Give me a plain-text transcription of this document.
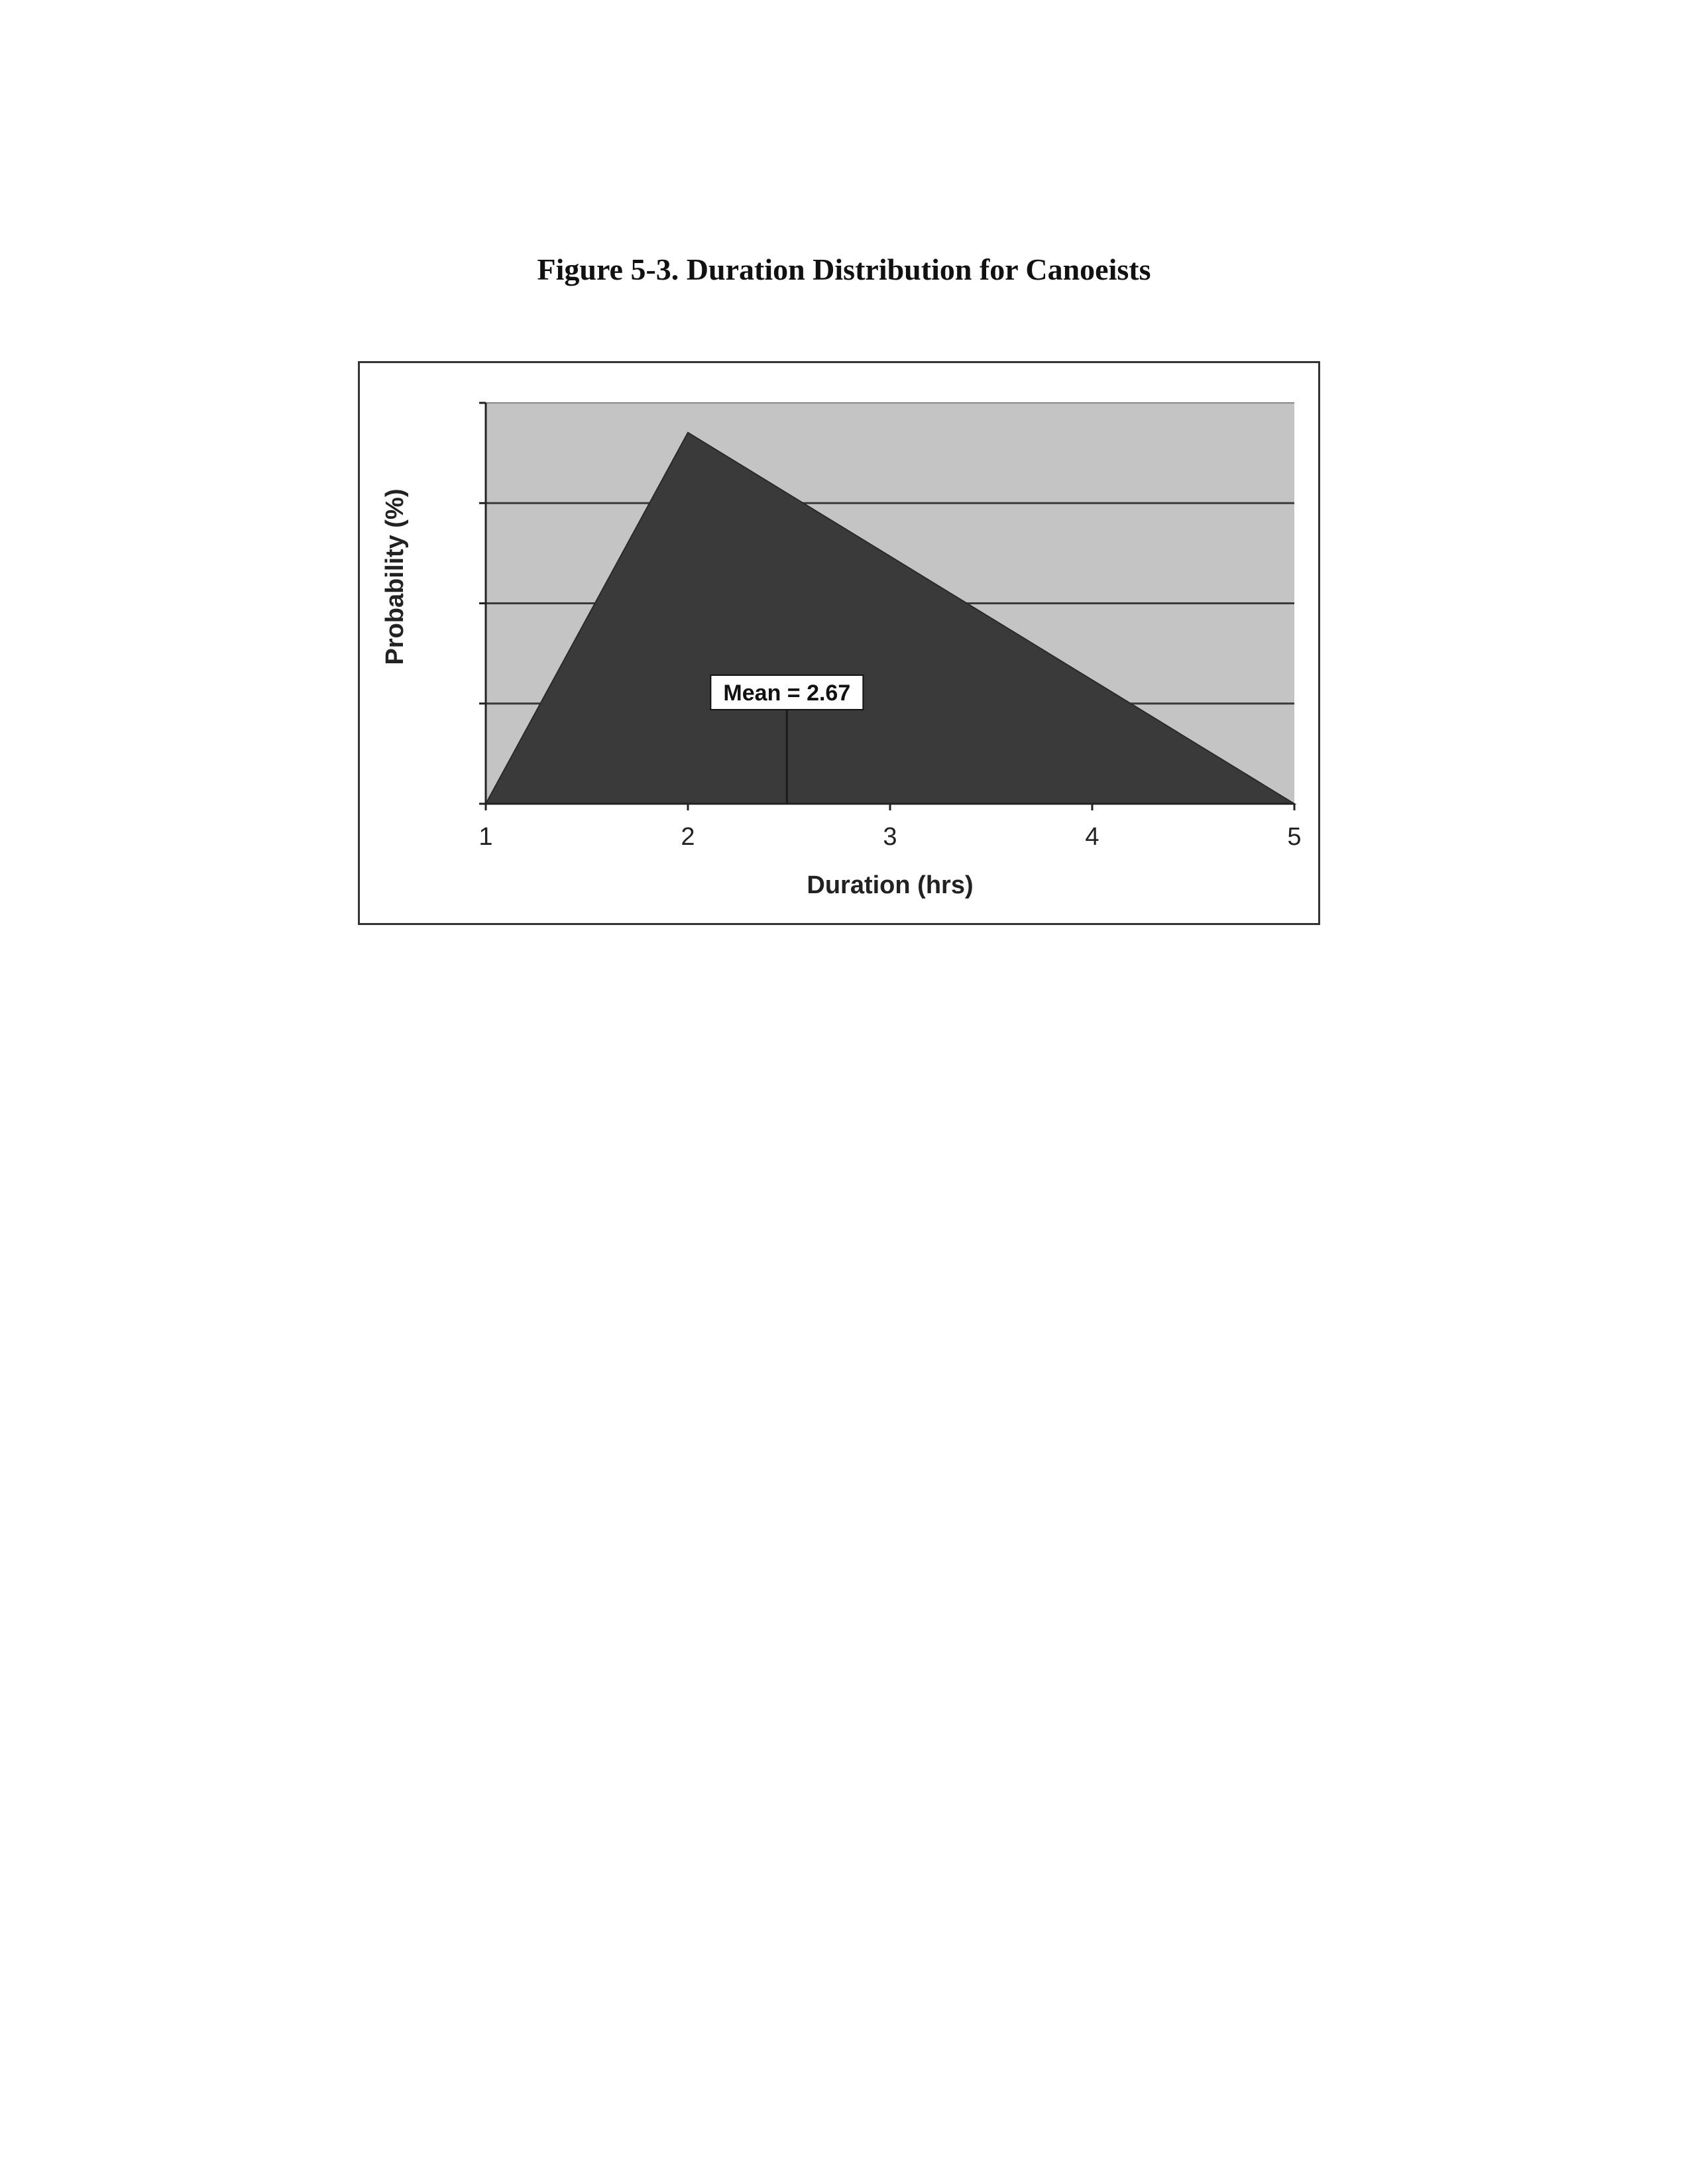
Figure 5-3. Duration Distribution for Canoeists
1	2	3	4	5
Mean = 2.67
Duration (hrs)
Probability (%)
